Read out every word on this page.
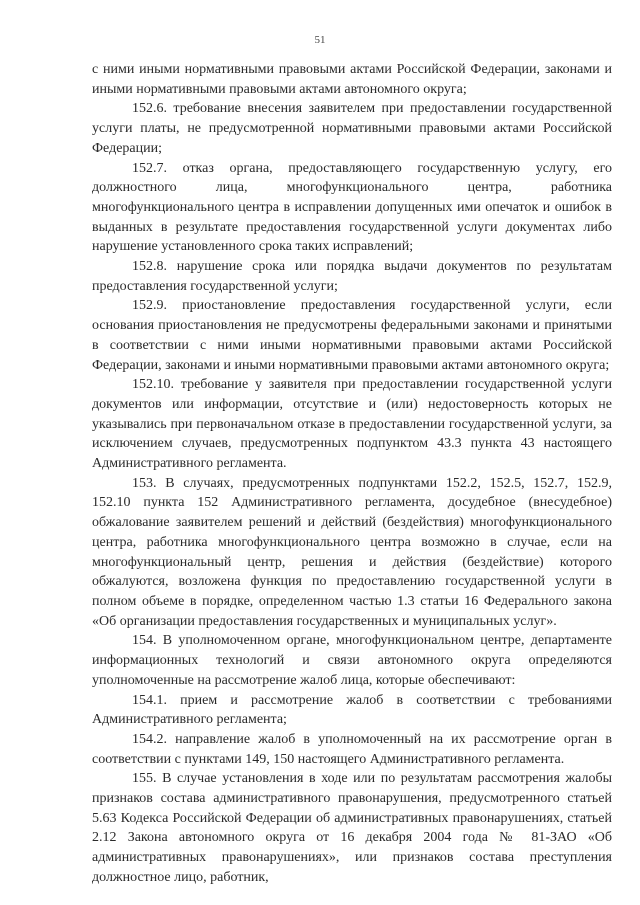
51

с ними иными нормативными правовыми актами Российской Федерации, законами и иными нормативными правовыми актами автономного округа;

152.6. требование внесения заявителем при предоставлении государственной услуги платы, не предусмотренной нормативными правовыми актами Российской Федерации;

152.7. отказ органа, предоставляющего государственную услугу, его должностного лица, многофункционального центра, работника многофункционального центра в исправлении допущенных ими опечаток и ошибок в выданных в результате предоставления государственной услуги документах либо нарушение установленного срока таких исправлений;

152.8. нарушение срока или порядка выдачи документов по результатам предоставления государственной услуги;

152.9. приостановление предоставления государственной услуги, если основания приостановления не предусмотрены федеральными законами и принятыми в соответствии с ними иными нормативными правовыми актами Российской Федерации, законами и иными нормативными правовыми актами автономного округа;

152.10. требование у заявителя при предоставлении государственной услуги документов или информации, отсутствие и (или) недостоверность которых не указывались при первоначальном отказе в предоставлении государственной услуги, за исключением случаев, предусмотренных подпунктом 43.3 пункта 43 настоящего Административного регламента.

153. В случаях, предусмотренных подпунктами 152.2, 152.5, 152.7, 152.9, 152.10 пункта 152 Административного регламента, досудебное (внесудебное) обжалование заявителем решений и действий (бездействия) многофункционального центра, работника многофункционального центра возможно в случае, если на многофункциональный центр, решения и действия (бездействие) которого обжалуются, возложена функция по предоставлению государственной услуги в полном объеме в порядке, определенном частью 1.3 статьи 16 Федерального закона «Об организации предоставления государственных и муниципальных услуг».

154. В уполномоченном органе, многофункциональном центре, департаменте информационных технологий и связи автономного округа определяются уполномоченные на рассмотрение жалоб лица, которые обеспечивают:

154.1. прием и рассмотрение жалоб в соответствии с требованиями Административного регламента;

154.2. направление жалоб в уполномоченный на их рассмотрение орган в соответствии с пунктами 149, 150 настоящего Административного регламента.

155. В случае установления в ходе или по результатам рассмотрения жалобы признаков состава административного правонарушения, предусмотренного статьей 5.63 Кодекса Российской Федерации об административных правонарушениях, статьей 2.12 Закона автономного округа от 16 декабря 2004 года № 81-ЗАО «Об административных правонарушениях», или признаков состава преступления должностное лицо, работник,
